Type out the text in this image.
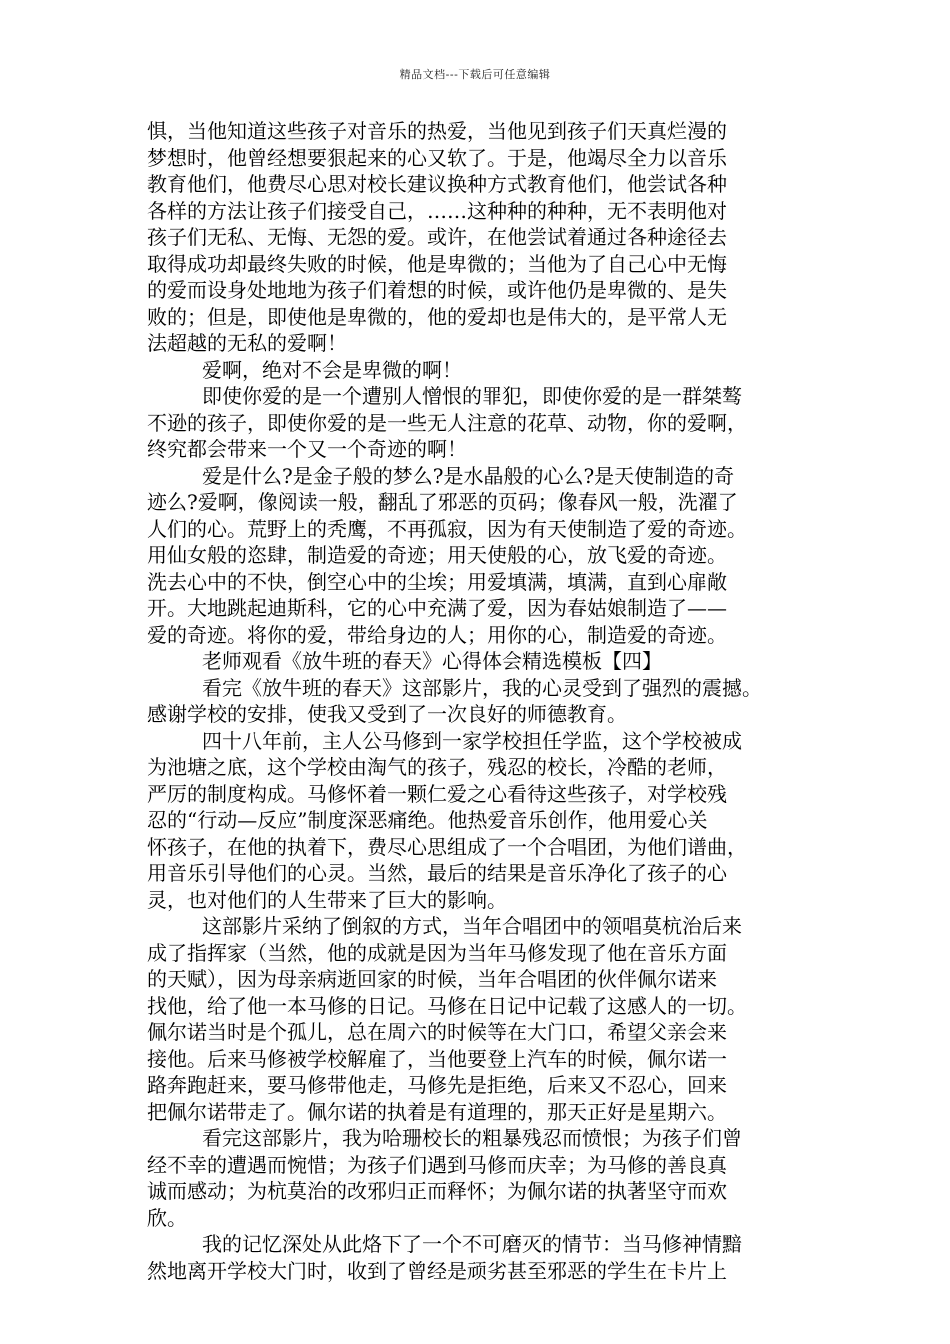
精品文档---下载后可任意编辑
惧，当他知道这些孩子对音乐的热爱，当他见到孩子们天真烂漫的
梦想时，他曾经想要狠起来的心又软了。于是，他竭尽全力以音乐
教育他们，他费尽心思对校长建议换种方式教育他们，他尝试各种
各样的方法让孩子们接受自己，……这种种的种种，无不表明他对
孩子们无私、无悔、无怨的爱。或许，在他尝试着通过各种途径去
取得成功却最终失败的时候，他是卑微的；当他为了自己心中无悔
的爱而设身处地地为孩子们着想的时候，或许他仍是卑微的、是失
败的；但是，即使他是卑微的，他的爱却也是伟大的，是平常人无
法超越的无私的爱啊！
爱啊，绝对不会是卑微的啊！
即使你爱的是一个遭别人憎恨的罪犯，即使你爱的是一群桀骜
不逊的孩子，即使你爱的是一些无人注意的花草、动物，你的爱啊，
终究都会带来一个又一个奇迹的啊！
爱是什么?是金子般的梦么?是水晶般的心么?是天使制造的奇
迹么?爱啊，像阅读一般，翻乱了邪恶的页码；像春风一般，洗濯了
人们的心。荒野上的秃鹰，不再孤寂，因为有天使制造了爱的奇迹。
用仙女般的恣肆，制造爱的奇迹；用天使般的心，放飞爱的奇迹。
洗去心中的不快，倒空心中的尘埃；用爱填满，填满，直到心扉敞
开。大地跳起迪斯科，它的心中充满了爱，因为春姑娘制造了——
爱的奇迹。将你的爱，带给身边的人；用你的心，制造爱的奇迹。
老师观看《放牛班的春天》心得体会精选模板【四】
看完《放牛班的春天》这部影片，我的心灵受到了强烈的震撼。
感谢学校的安排，使我又受到了一次良好的师德教育。
四十八年前，主人公马修到一家学校担任学监，这个学校被成
为池塘之底，这个学校由淘气的孩子，残忍的校长，冷酷的老师，
严厉的制度构成。马修怀着一颗仁爱之心看待这些孩子，对学校残
忍的“行动—反应”制度深恶痛绝。他热爱音乐创作，他用爱心关
怀孩子，在他的执着下，费尽心思组成了一个合唱团，为他们谱曲，
用音乐引导他们的心灵。当然，最后的结果是音乐净化了孩子的心
灵，也对他们的人生带来了巨大的影响。
这部影片采纳了倒叙的方式，当年合唱团中的领唱莫杭治后来
成了指挥家（当然，他的成就是因为当年马修发现了他在音乐方面
的天赋），因为母亲病逝回家的时候，当年合唱团的伙伴佩尔诺来
找他，给了他一本马修的日记。马修在日记中记载了这感人的一切。
佩尔诺当时是个孤儿，总在周六的时候等在大门口，希望父亲会来
接他。后来马修被学校解雇了，当他要登上汽车的时候，佩尔诺一
路奔跑赶来，要马修带他走，马修先是拒绝，后来又不忍心，回来
把佩尔诺带走了。佩尔诺的执着是有道理的，那天正好是星期六。
看完这部影片，我为哈珊校长的粗暴残忍而愤恨；为孩子们曾
经不幸的遭遇而惋惜；为孩子们遇到马修而庆幸；为马修的善良真
诚而感动；为杭莫治的改邪归正而释怀；为佩尔诺的执著坚守而欢
欣。
我的记忆深处从此烙下了一个不可磨灭的情节：当马修神情黯
然地离开学校大门时，收到了曾经是顽劣甚至邪恶的学生在卡片上
